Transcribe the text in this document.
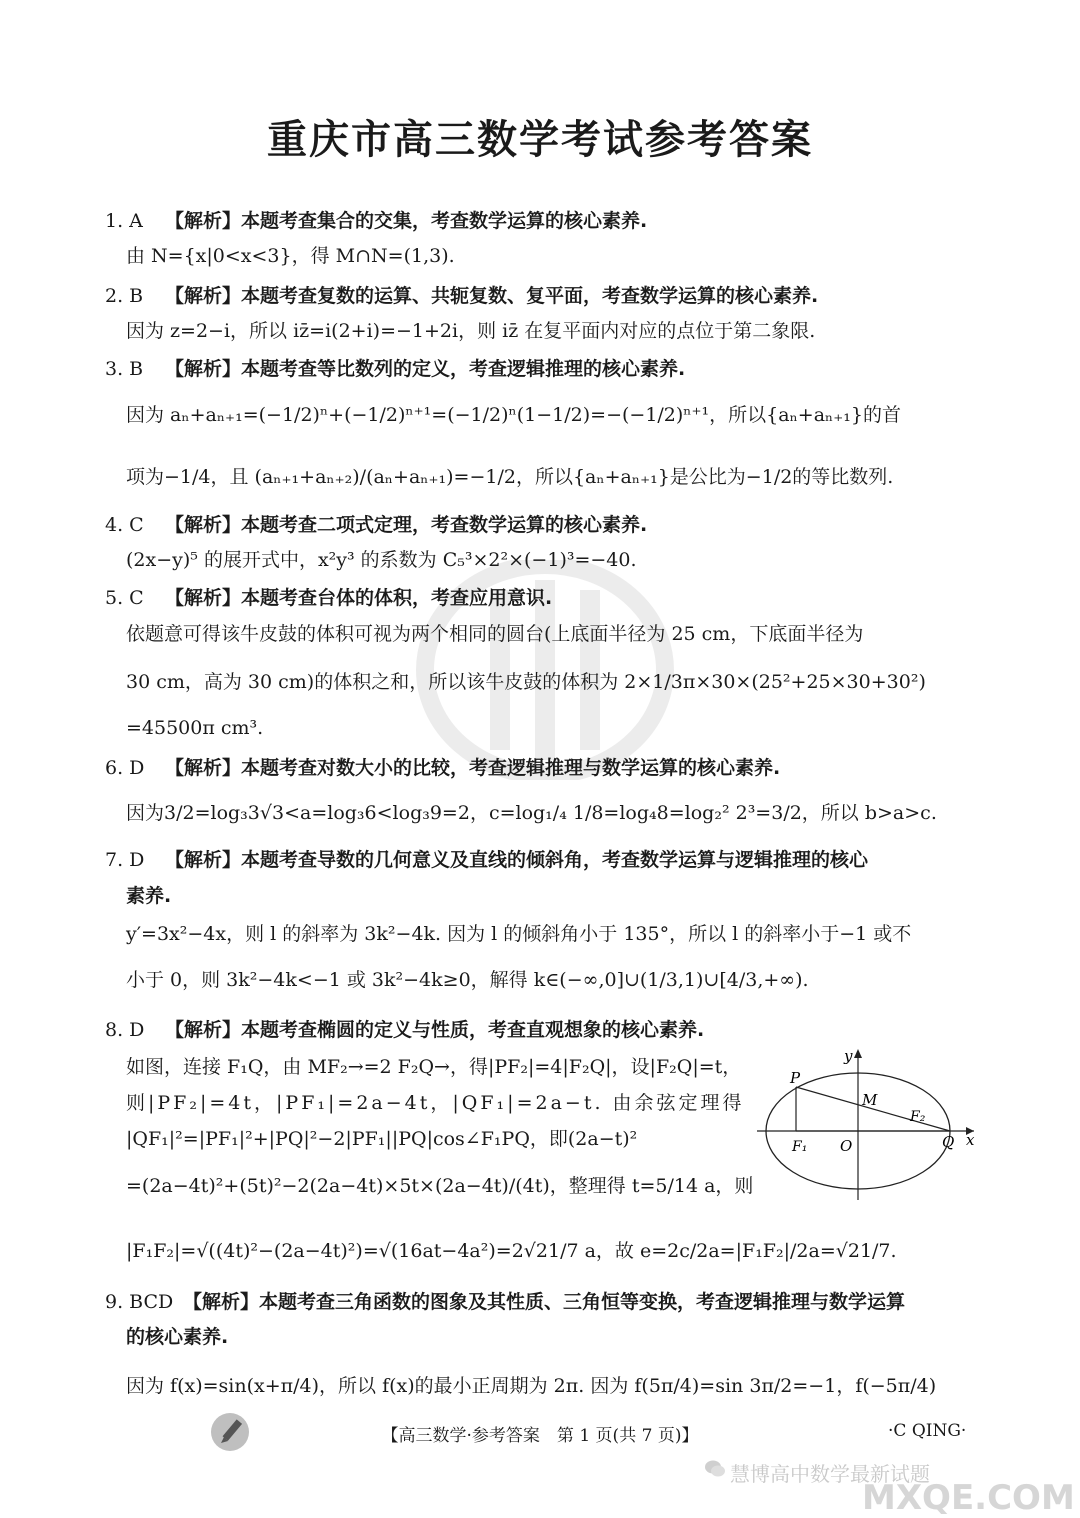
重庆市高三数学考试参考答案
1. A 【解析】本题考查集合的交集，考查数学运算的核心素养.
由 N={x|0<x<3}，得 M∩N=(1,3).
2. B 【解析】本题考查复数的运算、共轭复数、复平面，考查数学运算的核心素养.
因为 z=2−i，所以 iz̄=i(2+i)=−1+2i，则 iz̄ 在复平面内对应的点位于第二象限.
3. B 【解析】本题考查等比数列的定义，考查逻辑推理的核心素养.
因为 aₙ+aₙ₊₁=(−1/2)ⁿ+(−1/2)ⁿ⁺¹=(−1/2)ⁿ(1−1/2)=−(−1/2)ⁿ⁺¹，所以{aₙ+aₙ₊₁}的首
项为−1/4，且 (aₙ₊₁+aₙ₊₂)/(aₙ+aₙ₊₁)=−1/2，所以{aₙ+aₙ₊₁}是公比为−1/2的等比数列.
4. C 【解析】本题考查二项式定理，考查数学运算的核心素养.
(2x−y)⁵ 的展开式中，x²y³ 的系数为 C₅³×2²×(−1)³=−40.
5. C 【解析】本题考查台体的体积，考查应用意识.
依题意可得该牛皮鼓的体积可视为两个相同的圆台(上底面半径为 25 cm，下底面半径为
30 cm，高为 30 cm)的体积之和，所以该牛皮鼓的体积为 2×1/3π×30×(25²+25×30+30²)
=45500π cm³.
6. D 【解析】本题考查对数大小的比较，考查逻辑推理与数学运算的核心素养.
因为3/2=log₃3√3<a=log₃6<log₃9=2，c=log₁/₄ 1/8=log₄8=log₂² 2³=3/2，所以 b>a>c.
7. D 【解析】本题考查导数的几何意义及直线的倾斜角，考查数学运算与逻辑推理的核心
素养.
y′=3x²−4x，则 l 的斜率为 3k²−4k. 因为 l 的倾斜角小于 135°，所以 l 的斜率小于−1 或不
小于 0，则 3k²−4k<−1 或 3k²−4k≥0，解得 k∈(−∞,0]∪(1/3,1)∪[4/3,+∞).
8. D 【解析】本题考查椭圆的定义与性质，考查直观想象的核心素养.
如图，连接 F₁Q，由 MF₂→=2 F₂Q→，得|PF₂|=4|F₂Q|，设|F₂Q|=t，
则|PF₂|=4t，|PF₁|=2a−4t，|QF₁|=2a−t. 由余弦定理得
|QF₁|²=|PF₁|²+|PQ|²−2|PF₁||PQ|cos∠F₁PQ，即(2a−t)²
=(2a−4t)²+(5t)²−2(2a−4t)×5t×(2a−4t)/(4t)，整理得 t=5/14 a，则
|F₁F₂|=√((4t)²−(2a−4t)²)=√(16at−4a²)=2√21/7 a，故 e=2c/2a=|F₁F₂|/2a=√21/7.
9. BCD 【解析】本题考查三角函数的图象及其性质、三角恒等变换，考查逻辑推理与数学运算
的核心素养.
因为 f(x)=sin(x+π/4)，所以 f(x)的最小正周期为 2π. 因为 f(5π/4)=sin 3π/2=−1，f(−5π/4)
y
x
P
M
F₂
F₁ O	Q
【高三数学·参考答案　第 1 页(共 7 页)】	·C QING·
慧博高中数学最新试题
MXQE.COM
